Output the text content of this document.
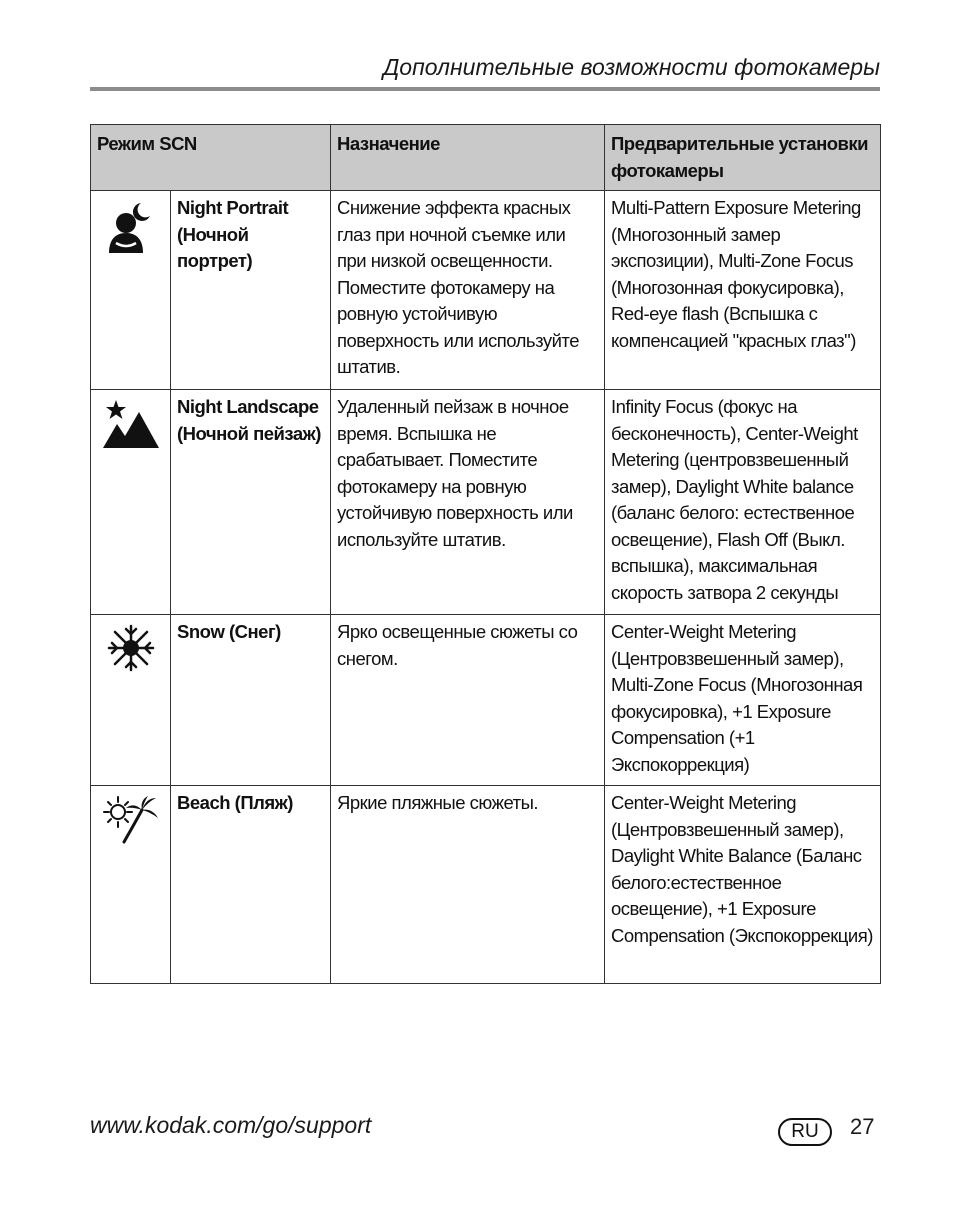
Дополнительные возможности фотокамеры
Режим SCN		Назначение	Предварительные установки фотокамеры
	Night Portrait (Ночной портрет)	Снижение эффекта красных глаз при ночной съемке или при низкой освещенности. Поместите фотокамеру на ровную устойчивую поверхность или используйте штатив.	Multi-Pattern Exposure Metering (Многозонный замер экспозиции), Multi-Zone Focus (Многозонная фокусировка), Red-eye flash (Вспышка с компенсацией "красных глаз")
	Night Landscape (Ночной пейзаж)	Удаленный пейзаж в ночное время. Вспышка не срабатывает. Поместите фотокамеру на ровную устойчивую поверхность или используйте штатив.	Infinity Focus (фокус на бесконечность), Center-Weight Metering (центровзвешенный замер), Daylight White balance (баланс белого: естественное освещение), Flash Off (Выкл. вспышка), максимальная скорость затвора 2 секунды
	Snow (Снег)	Ярко освещенные сюжеты со снегом.	Center-Weight Metering (Центровзвешенный замер), Multi-Zone Focus (Многозонная фокусировка), +1 Exposure Compensation (+1 Экспокоррекция)
	Beach (Пляж)	Яркие пляжные сюжеты.	Center-Weight Metering (Центровзвешенный замер), Daylight White Balance (Баланс белого:естественное освещение), +1 Exposure Compensation (Экспокоррекция)
www.kodak.com/go/support	RU	27
